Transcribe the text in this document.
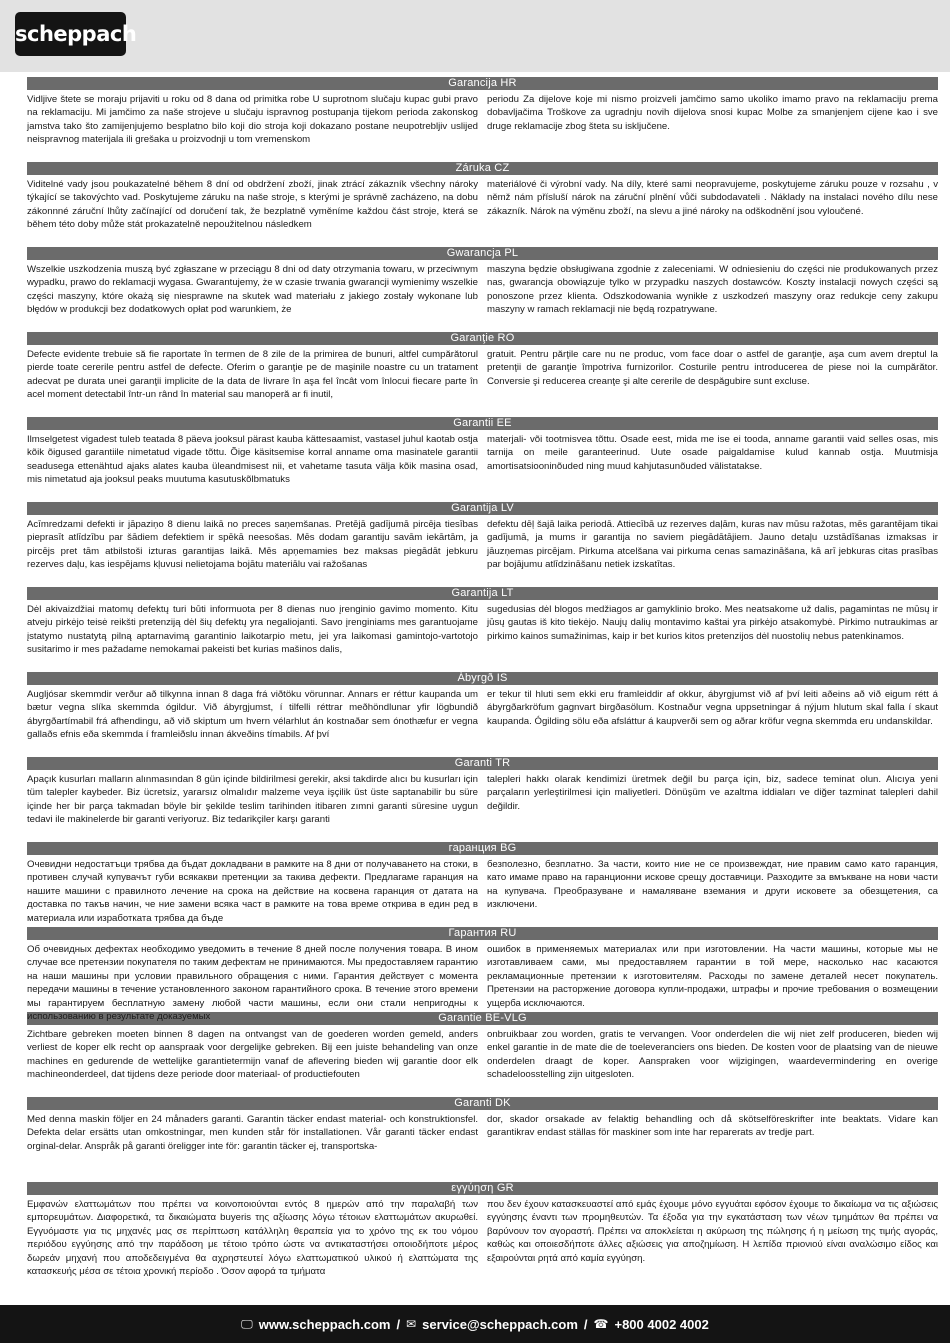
scheppach
Garancija HR
Vidljive štete se moraju prijaviti u roku od 8 dana od primitka robe U suprotnom slučaju kupac gubi pravo na reklamaciju. Mi jamčimo za naše strojeve u slučaju ispravnog postupanja tijekom perioda zakonskog jamstva tako što zamijenjujemo besplatno bilo koji dio stroja koji dokazano postane neupotrebljiv uslijed neispravnog materijala ili grešaka u proizvodnji u tom vremenskom
periodu Za dijelove koje mi nismo proizveli jamčimo samo ukoliko imamo pravo na reklamaciju prema dobavljačima Troškove za ugradnju novih dijelova snosi kupac Molbe za smanjenjem cijene kao i sve druge reklamacije zbog šteta su isključene.
Záruka CZ
Viditelné vady jsou poukazatelné během 8 dní od obdržení zboží, jinak ztrácí zákazník všechny nároky týkající se takovýchto vad. Poskytujeme záruku na naše stroje, s kterými je správně zacházeno, na dobu zákonnné záruční lhůty začínající od doručení tak, že bezplatně vyměníme každou část stroje, která se během této doby může stát prokazatelně nepoužitelnou následkem
materiálové či výrobní vady. Na díly, které sami neopravujeme, poskytujeme záruku pouze v rozsahu , v němž nám přísluší nárok na záruční plnění vůči subdodavateli . Náklady na instalaci nového dílu nese zákazník. Nárok na výměnu zboží, na slevu a jiné nároky na odškodnění jsou vyloučené.
Gwarancja PL
Wszelkie uszkodzenia muszą być zgłaszane w przeciągu 8 dni od daty otrzymania towaru, w przeciwnym wypadku, prawo do reklamacji wygasa. Gwarantujemy, że w czasie trwania gwarancji wymienimy wszelkie części maszyny, które okażą się niesprawne na skutek wad materiału z jakiego zostały wykonane lub błędów w produkcji bez dodatkowych opłat pod warunkiem, że
maszyna będzie obsługiwana zgodnie z zaleceniami. W odniesieniu do części nie produkowanych przez nas, gwarancja obowiązuje tylko w przypadku naszych dostawców. Koszty instalacji nowych części są ponoszone przez klienta. Odszkodowania wynikłe z uszkodzeń maszyny oraz redukcje ceny zakupu maszyny w ramach reklamacji nie będą rozpatrywane.
Garanţie RO
Defecte evidente trebuie să fie raportate în termen de 8 zile de la primirea de bunuri, altfel cumpărătorul pierde toate cererile pentru astfel de defecte. Oferim o garanţie pe de maşinile noastre cu un tratament adecvat pe durata unei garanţii implicite de la data de livrare în aşa fel încât vom înlocui fiecare parte în acel moment detectabil într-un rând în material sau manoperă ar fi inutil,
gratuit. Pentru părţile care nu ne produc, vom face doar o astfel de garanţie, aşa cum avem dreptul la pretenţii de garanţie împotriva furnizorilor. Costurile pentru introducerea de piese noi la cumpărător. Conversie şi reducerea creanţe şi alte cererile de despăgubire sunt excluse.
Garantii EE
Ilmselgetest vigadest tuleb teatada 8 päeva jooksul pärast kauba kättesaamist, vastasel juhul kaotab ostja kõik õigused garantiile nimetatud vigade tõttu. Õige käsitsemise korral anname oma masinatele garantii seadusega ettenähtud ajaks alates kauba üleandmisest nii, et vahetame tasuta välja kõik masina osad, mis nimetatud aja jooksul peaks muutuma kasutuskõlbmatuks
materjali- või tootmisvea tõttu. Osade eest, mida me ise ei tooda, anname garantii vaid selles osas, mis tarnija on meile garanteerinud. Uute osade paigaldamise kulud kannab ostja. Muutmisja amortisatsiooninõuded ning muud kahjutasunõuded välistatakse.
Garantija LV
Acīmredzami defekti ir jāpaziņo 8 dienu laikā no preces saņemšanas. Pretējā gadījumā pircēja tiesības pieprasīt atlīdzību par šādiem defektiem ir spēkā neesošas. Mēs dodam garantiju savām iekārtām, ja pircējs pret tām atbilstoši izturas garantijas laikā. Mēs apņemamies bez maksas piegādāt jebkuru rezerves daļu, kas iespējams kļuvusi nelietojama bojātu materiālu vai ražošanas
defektu dēļ šajā laika periodā. Attiecībā uz rezerves daļām, kuras nav mūsu ražotas, mēs garantējam tikai gadījumā, ja mums ir garantija no saviem piegādātājiem. Jauno detaļu uzstādīšanas izmaksas ir jāuzņemas pircējam. Pirkuma atcelšana vai pirkuma cenas samazināšana, kā arī jebkuras citas prasības par bojājumu atlīdzināšanu netiek izskatītas.
Garantija LT
Dėl akivaizdžiai matomų defektų turi būti informuota per 8 dienas nuo įrenginio gavimo momento. Kitu atveju pirkėjo teisė reikšti pretenziją dėl šių defektų yra negaliojanti. Savo įrenginiams mes garantuojame įstatymo nustatytą pilną aptarnavimą garantinio laikotarpio metu, jei yra laikomasi gamintojo-vartotojo susitarimo ir mes pažadame nemokamai pakeisti bet kurias mašinos dalis,
sugedusias dėl blogos medžiagos ar gamyklinio broko. Mes neatsakome už dalis, pagamintas ne mūsų ir jūsų gautas iš kito tiekėjo. Naujų dalių montavimo kaštai yra pirkėjo atsakomybė. Pirkimo nutraukimas ar pirkimo kainos sumažinimas, kaip ir bet kurios kitos pretenzijos dėl nuostolių nebus patenkinamos.
Ábyrgð IS
Augljósar skemmdir verður að tilkynna innan 8 daga frá viðtöku vörunnar. Annars er réttur kaupanda um bætur vegna slíka skemmda ógildur. Við ábyrgjumst, í tilfelli réttrar meðhöndlunar yfir lögbundið ábyrgðartímabil frá afhendingu, að við skiptum um hvern vélarhlut án kostnaðar sem ónothæfur er vegna gallaðs efnis eða skemmda í framleiðslu innan ákveðins tímabils. Af því
er tekur til hluti sem ekki eru framleiddir af okkur, ábyrgjumst við af því leiti aðeins að við eigum rétt á ábyrgðarkröfum gagnvart birgðasölum. Kostnaður vegna uppsetningar á nýjum hlutum skal falla í skaut kaupanda. Ógilding sölu eða afsláttur á kaupverði sem og aðrar kröfur vegna skemmda eru undanskildar.
Garanti TR
Apaçık kusurları malların alınmasından 8 gün içinde bildirilmesi gerekir, aksi takdirde alıcı bu kusurları için tüm talepler kaybeder. Biz ücretsiz, yararsız olmalıdır malzeme veya işçilik üst üste saptanabilir bu süre içinde her bir parça takmadan böyle bir şekilde teslim tarihinden itibaren zımni garanti süresine uygun tedavi ile makinelerde bir garanti veriyoruz. Biz tedarikçiler karşı garanti
talepleri hakkı olarak kendimizi üretmek değil bu parça için, biz, sadece teminat olun. Alıcıya yeni parçaların yerleştirilmesi için maliyetleri. Dönüşüm ve azaltma iddiaları ve diğer tazminat talepleri dahil değildir.
гаранция BG
Очевидни недостатъци трябва да бъдат докладвани в рамките на 8 дни от получаването на стоки, в противен случай купувачът губи всякакви претенции за такива дефекти. Предлагаме гаранция на нашите машини с правилното лечение на срока на действие на косвена гаранция от датата на доставка по такъв начин, че ние замени всяка част в рамките на това време открива в един ред в материала или изработката трябва да бъде
безполезно, безплатно. За части, които ние не се произвеждат, ние правим само като гаранция, като имаме право на гаранционни искове срещу доставчици. Разходите за вмъкване на нови части на купувача. Преобразуване и намаляване вземания и други исковете за обезщетения, са изключени.
Гарантия RU
Об очевидных дефектах необходимо уведомить в течение 8 дней после получения товара. В ином случае все претензии покупателя по таким дефектам не принимаются. Мы предоставляем гарантию на наши машины при условии правильного обращения с ними. Гарантия действует с момента передачи машины в течение установленного законом гарантийного срока. В течение этого времени мы гарантируем бесплатную замену любой части машины, если они стали непригодны к использованию в результате доказуемых
ошибок в применяемых материалах или при изготовлении. На части машины, которые мы не изготавливаем сами, мы предоставляем гарантии в той мере, насколько нас касаются рекламационные претензии к изготовителям. Расходы по замене деталей несет покупатель. Претензии на расторжение договора купли-продажи, штрафы и прочие требования о возмещении ущерба исключаются.
Garantie BE-VLG
Zichtbare gebreken moeten binnen 8 dagen na ontvangst van de goederen worden gemeld, anders verliest de koper elk recht op aanspraak voor dergelijke gebreken. Bij een juiste behandeling van onze machines en gedurende de wettelijke garantietermijn vanaf de aflevering bieden wij garantie door elk machineonderdeel, dat tijdens deze periode door materiaal- of productiefouten
onbruikbaar zou worden, gratis te vervangen. Voor onderdelen die wij niet zelf produceren, bieden wij enkel garantie in de mate die de toeleveranciers ons bieden. De kosten voor de plaatsing van de nieuwe onderdelen draagt de koper. Aanspraken voor wijzigingen, waardevermindering en overige schadeloosstelling zijn uitgesloten.
Garanti DK
Med denna maskin följer en 24 månaders garanti. Garantin täcker endast material- och konstruktionsfel. Defekta delar ersätts utan omkostningar, men kunden står för installationen. Vår garanti täcker endast orginal-delar. Anspråk på garanti öreligger inte för: garantin täcker ej, transportska-
dor, skador orsakade av felaktig behandling och då skötselföreskrifter inte beaktats. Vidare kan garantikrav endast ställas för maskiner som inte har reparerats av tredje part.
εγγύηση GR
Εμφανών ελαττωμάτων που πρέπει να κοινοποιούνται εντός 8 ημερών από την παραλαβή των εμπορευμάτων. Διαφορετικά, τα δικαιώματα buyeris της αξίωσης λόγω τέτοιων ελαττωμάτων ακυρωθεί. Εγγυόμαστε για τις μηχανές μας σε περίπτωση κατάλληλη θεραπεία για το χρόνο της εκ του νόμου περιόδου εγγύησης από την παράδοση με τέτοιο τρόπο ώστε να αντικαταστήσει οποιοδήποτε μέρος δωρεάν μηχανή που αποδεδειγμένα θα αχρηστευτεί λόγω ελαττωματικού υλικού ή ελαττώματα της κατασκευής μέσα σε τέτοια χρονική περίοδο . Όσον αφορά τα τμήματα
που δεν έχουν κατασκευαστεί από εμάς έχουμε μόνο εγγυάται εφόσον έχουμε το δικαίωμα να τις αξιώσεις εγγύησης έναντι των προμηθευτών. Τα έξοδα για την εγκατάσταση των νέων τμημάτων θα πρέπει να βαρύνουν τον αγοραστή. Πρέπει να αποκλείεται η ακύρωση της πώλησης ή η μείωση της τιμής αγοράς, καθώς και οποιεσδήποτε άλλες αξιώσεις για αποζημίωση. Η λεπίδα πριονιού είναι αναλώσιμο είδος και εξαιρούνται ρητά από καμία εγγύηση.
🖵 www.scheppach.com / ✉ service@scheppach.com / ☎ +800 4002 4002
